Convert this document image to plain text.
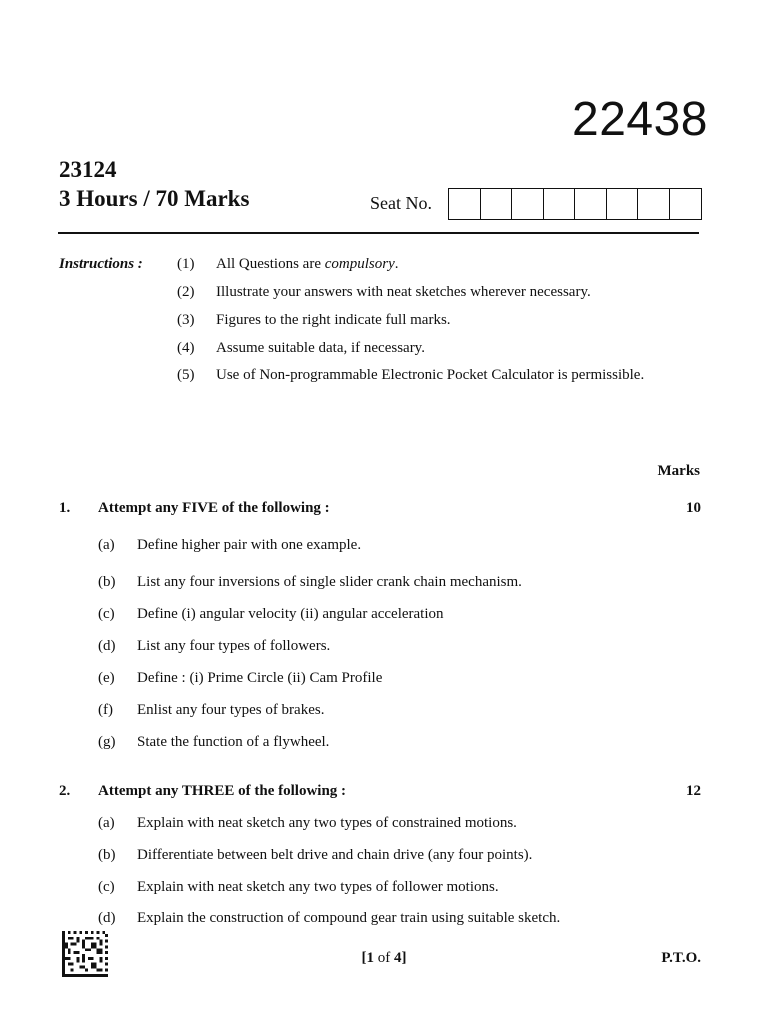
22438
23124
3 Hours / 70 Marks	Seat No.
Instructions : (1)	All Questions are compulsory.
(2)	Illustrate your answers with neat sketches wherever necessary.
(3)	Figures to the right indicate full marks.
(4)	Assume suitable data, if necessary.
(5)	Use of Non-programmable Electronic Pocket Calculator is permissible.
Marks
1.	Attempt any FIVE of the following :	10
(a)	Define higher pair with one example.
(b)	List any four inversions of single slider crank chain mechanism.
(c)	Define (i) angular velocity (ii) angular acceleration
(d)	List any four types of followers.
(e)	Define : (i) Prime Circle (ii) Cam Profile
(f)	Enlist any four types of brakes.
(g)	State the function of a flywheel.
2.	Attempt any THREE of the following :	12
(a)	Explain with neat sketch any two types of constrained motions.
(b)	Differentiate between belt drive and chain drive (any four points).
(c)	Explain with neat sketch any two types of follower motions.
(d)	Explain the construction of compound gear train using suitable sketch.
[1 of 4]	P.T.O.
